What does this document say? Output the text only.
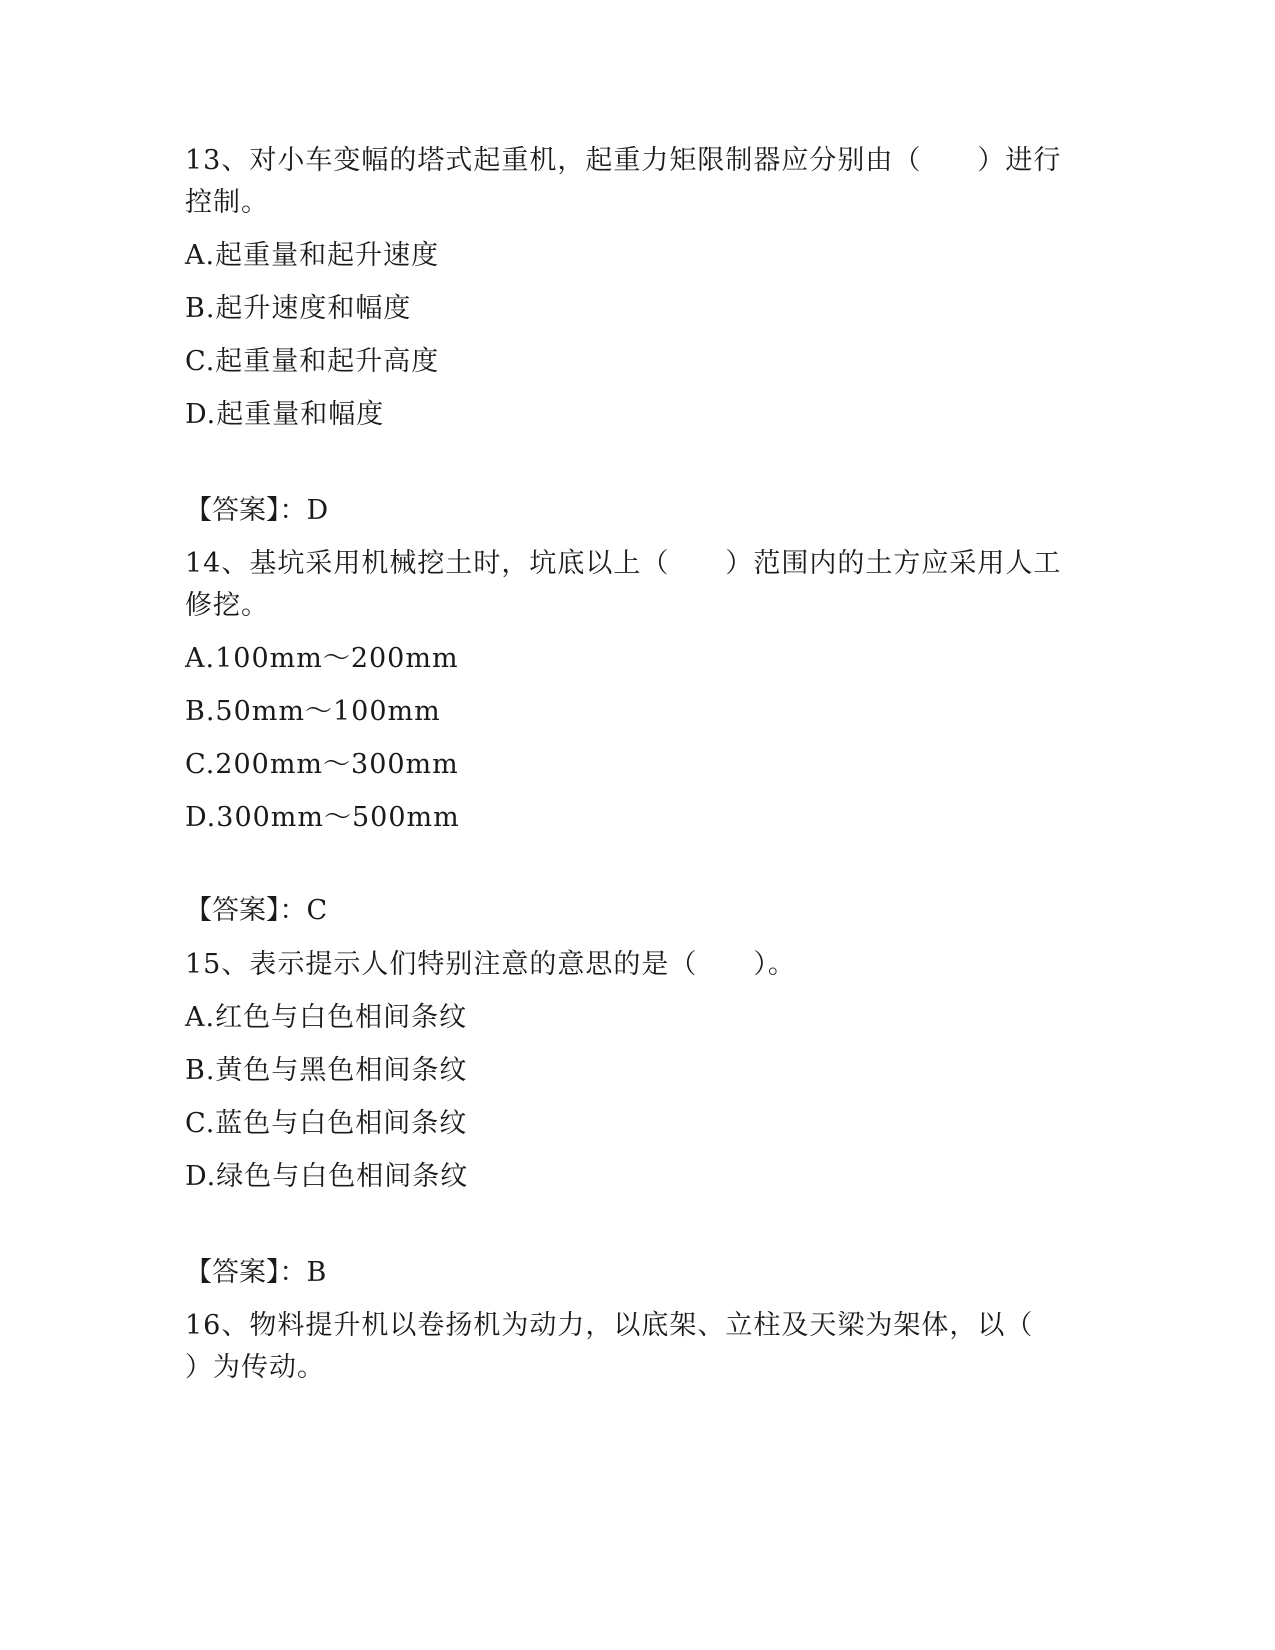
13、对小车变幅的塔式起重机，起重力矩限制器应分别由（　　）进行
控制。
A.起重量和起升速度
B.起升速度和幅度
C.起重量和起升高度
D.起重量和幅度
【答案】：D
14、基坑采用机械挖土时，坑底以上（　　）范围内的土方应采用人工
修挖。
A.100mm～200mm
B.50mm～100mm
C.200mm～300mm
D.300mm～500mm
【答案】：C
15、表示提示人们特别注意的意思的是（　　）。
A.红色与白色相间条纹
B.黄色与黑色相间条纹
C.蓝色与白色相间条纹
D.绿色与白色相间条纹
【答案】：B
16、物料提升机以卷扬机为动力，以底架、立柱及天梁为架体，以（
）为传动。
